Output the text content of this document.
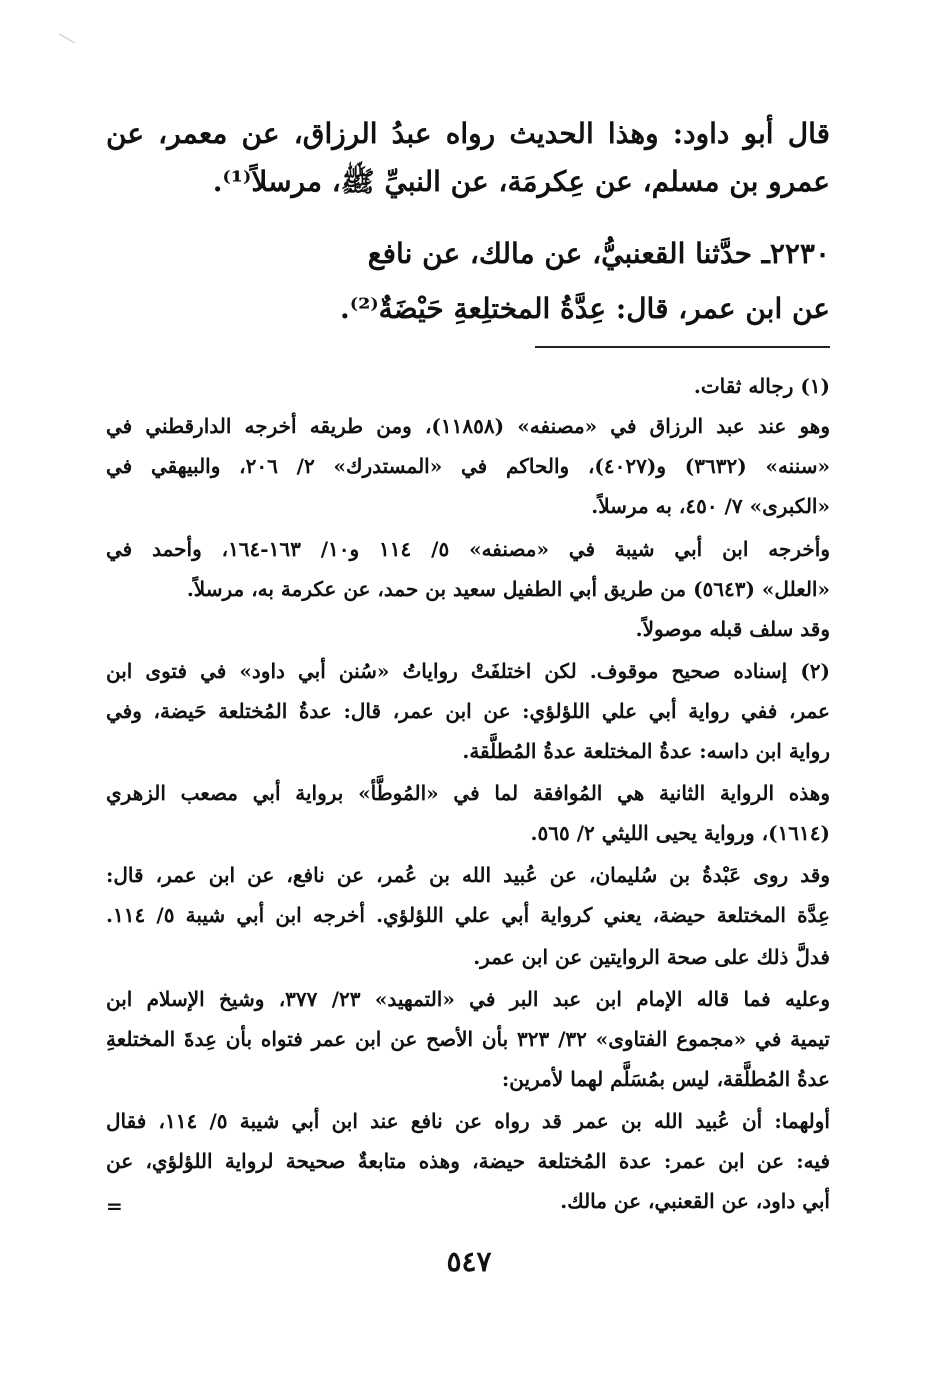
قال أبو داود: وهذا الحديث رواه عبدُ الرزاق، عن معمر، عن
عمرو بن مسلم، عن عِكرمَة، عن النبيِّ ﷺ، مرسلاً⁽¹⁾.
٢٢٣٠ـ حدَّثنا القعنبيُّ، عن مالك، عن نافع
عن ابن عمر، قال: عِدَّةُ المختلِعةِ حَيْضَةٌ⁽²⁾.
(١) رجاله ثقات.
وهو عند عبد الرزاق في «مصنفه» (١١٨٥٨)، ومن طريقه أخرجه الدارقطني في
«سننه» (٣٦٣٢) و(٤٠٢٧)، والحاكم في «المستدرك» ٢/ ٢٠٦، والبيهقي في
«الكبرى» ٧/ ٤٥٠، به مرسلاً.
وأخرجه ابن أبي شيبة في «مصنفه» ٥/ ١١٤ و١٠/ ١٦٣-١٦٤، وأحمد في
«العلل» (٥٦٤٣) من طريق أبي الطفيل سعيد بن حمد، عن عكرمة به، مرسلاً.
وقد سلف قبله موصولاً.
(٢) إسناده صحيح موقوف. لكن اختلفَتْ رواياتُ «سُنن أبي داود» في فتوى ابن
عمر، ففي رواية أبي علي اللؤلؤي: عن ابن عمر، قال: عدةُ المُختلعة حَيضة، وفي
رواية ابن داسه: عدةُ المختلعة عدةُ المُطلَّقة.
وهذه الرواية الثانية هي المُوافقة لما في «المُوطَّأ» برواية أبي مصعب الزهري
(١٦١٤)، ورواية يحيى الليثي ٢/ ٥٦٥.
وقد روى عَبْدةُ بن سُليمان، عن عُبيد الله بن عُمر، عن نافع، عن ابن عمر، قال:
عِدَّة المختلعة حيضة، يعني كرواية أبي علي اللؤلؤي. أخرجه ابن أبي شيبة ٥/ ١١٤.
فدلَّ ذلك على صحة الروايتين عن ابن عمر.
وعليه فما قاله الإمام ابن عبد البر في «التمهيد» ٢٣/ ٣٧٧، وشيخ الإسلام ابن
تيمية في «مجموع الفتاوى» ٣٢/ ٣٢٣ بأن الأصح عن ابن عمر فتواه بأن عِدةَ المختلعةِ
عدةُ المُطلَّقة، ليس بمُسَلَّم لهما لأمرين:
أولهما: أن عُبيد الله بن عمر قد رواه عن نافع عند ابن أبي شيبة ٥/ ١١٤، فقال
فيه: عن ابن عمر: عدة المُختلعة حيضة، وهذه متابعةٌ صحيحة لرواية اللؤلؤي، عن
أبي داود، عن القعنبي، عن مالك.
=
٥٤٧
